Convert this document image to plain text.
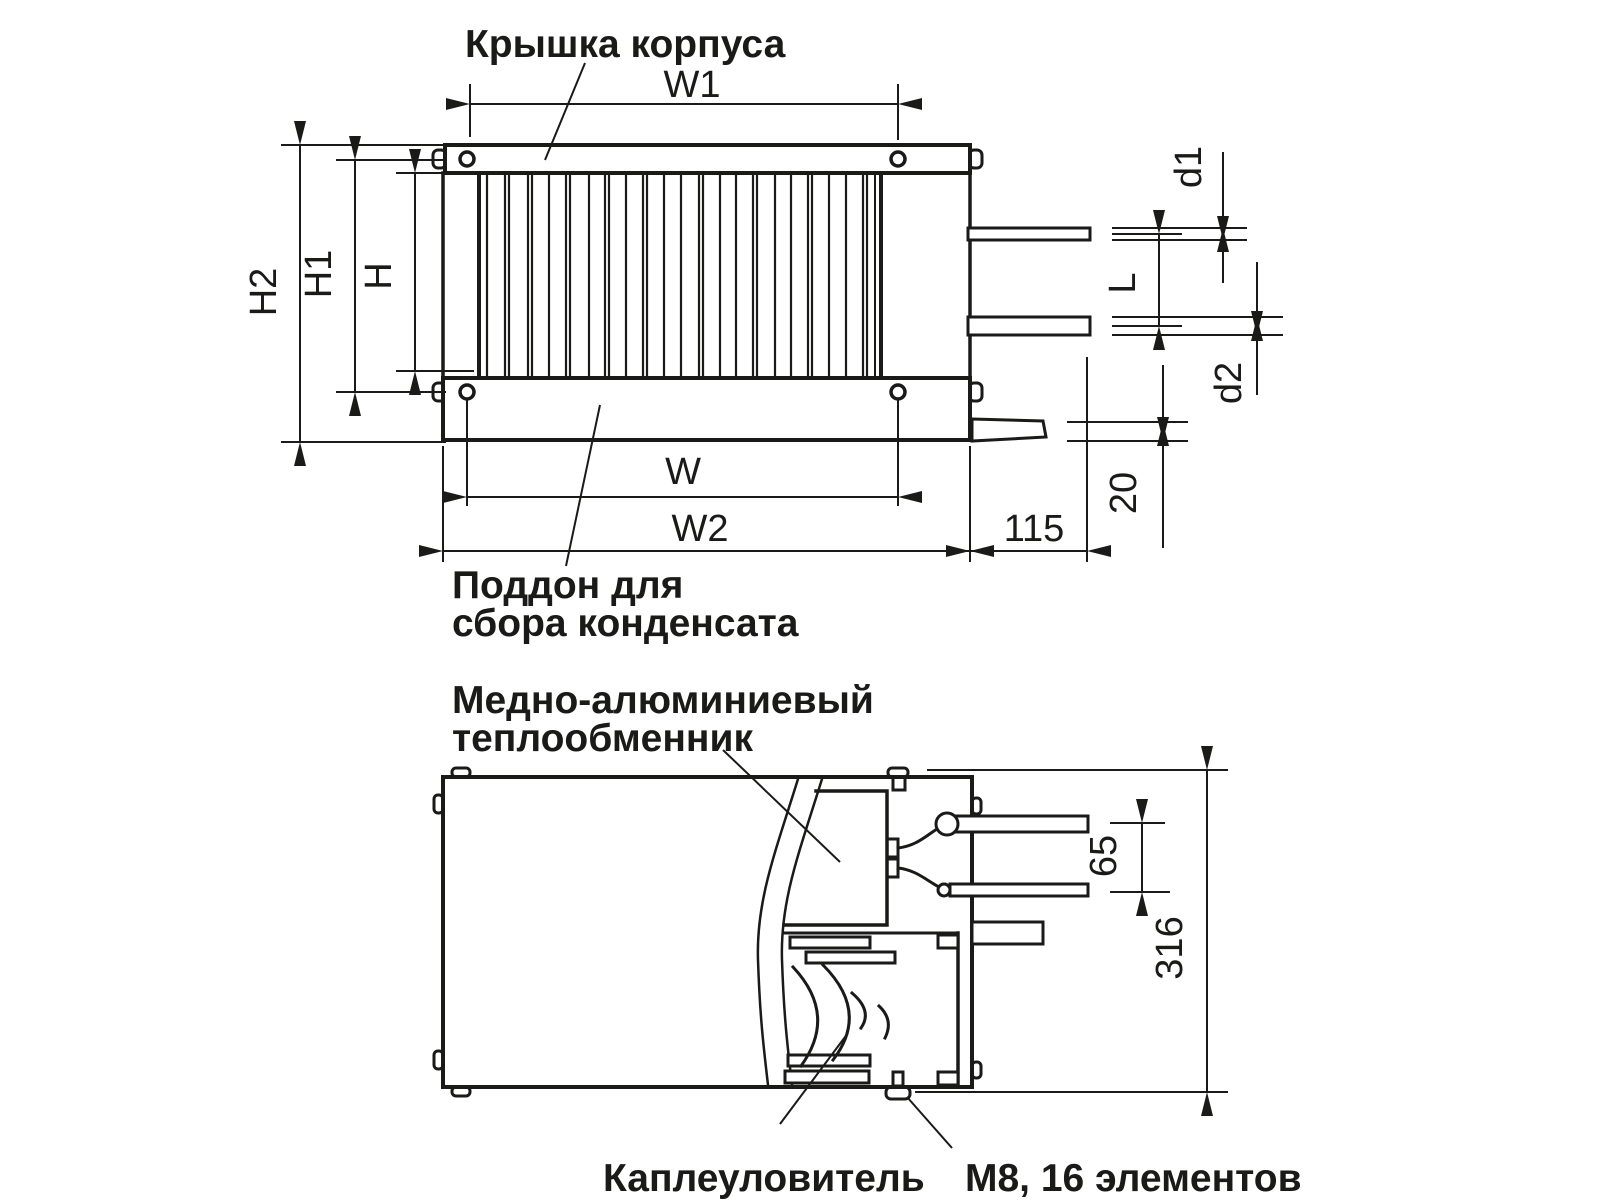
W1
H2 H1 H
W
W2	115
d1
L
d2
20
Крышка корпуса
Поддон для
сбора конденсата
65
316
Медно-алюминиевый
теплообменник
Каплеуловитель М8, 16 элементов
